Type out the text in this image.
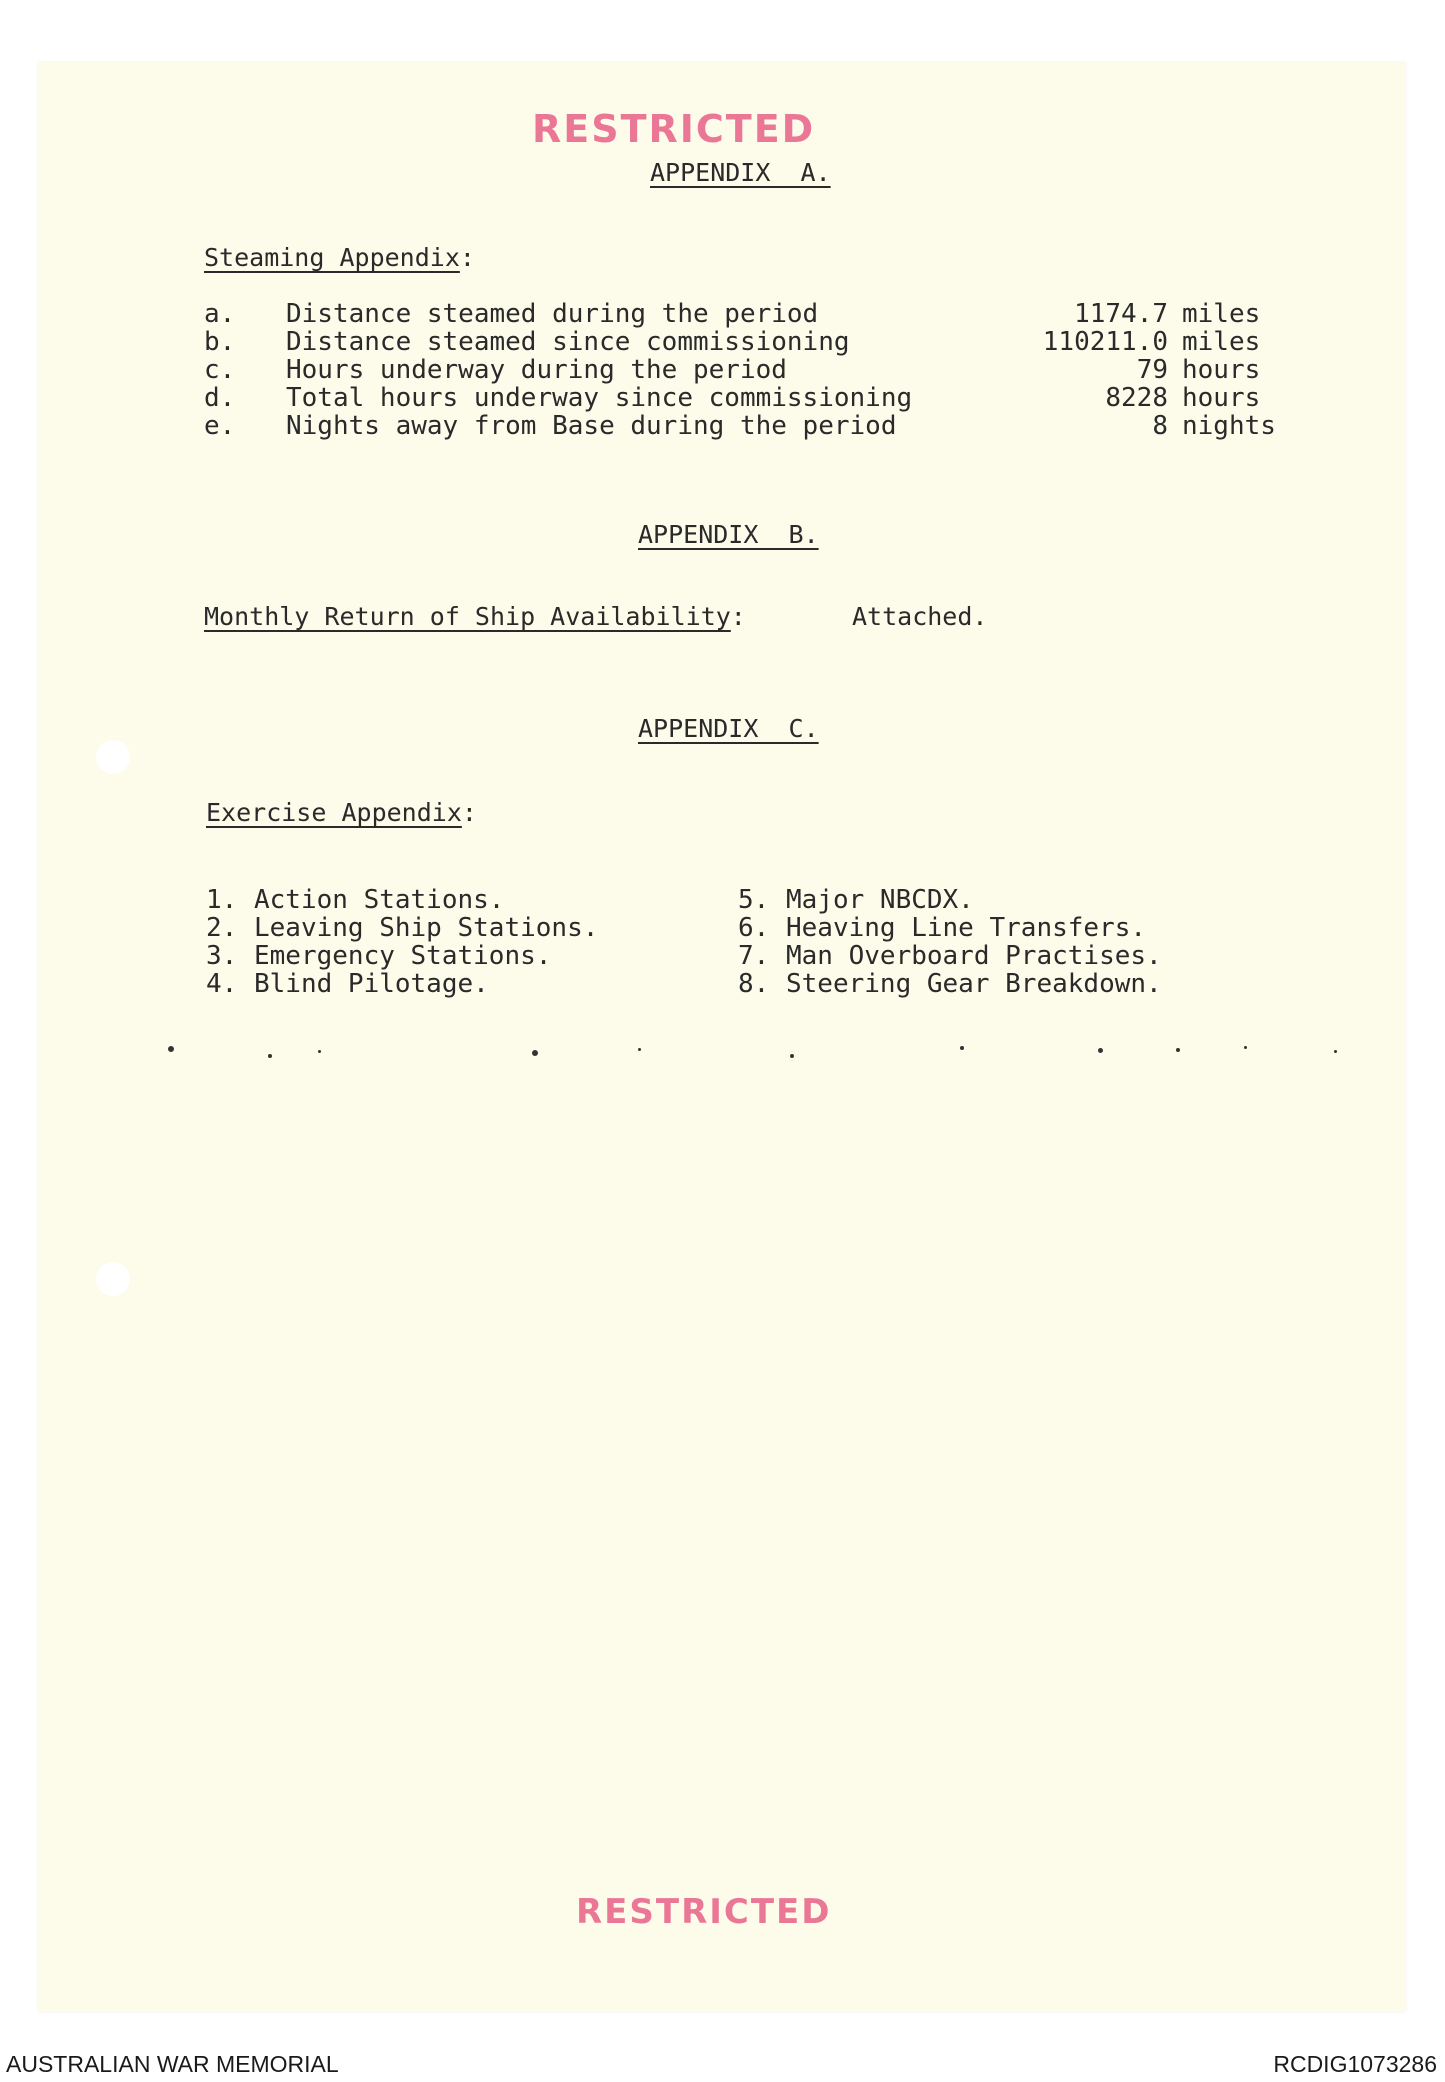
RESTRICTED
APPENDIX  A.
Steaming Appendix:
a. Distance steamed during the period	1174.7 miles
b. Distance steamed since commissioning	110211.0 miles
c. Hours underway during the period	79 hours
d. Total hours underway since commissioning	8228 hours
e. Nights away from Base during the period	8 nights
APPENDIX  B.
Monthly Return of Ship Availability:	Attached.
APPENDIX  C.
Exercise Appendix:
1. Action Stations.
2. Leaving Ship Stations.
3. Emergency Stations.
4. Blind Pilotage.
5. Major NBCDX.
6. Heaving Line Transfers.
7. Man Overboard Practises.
8. Steering Gear Breakdown.
RESTRICTED
AUSTRALIAN WAR MEMORIAL	RCDIG1073286
